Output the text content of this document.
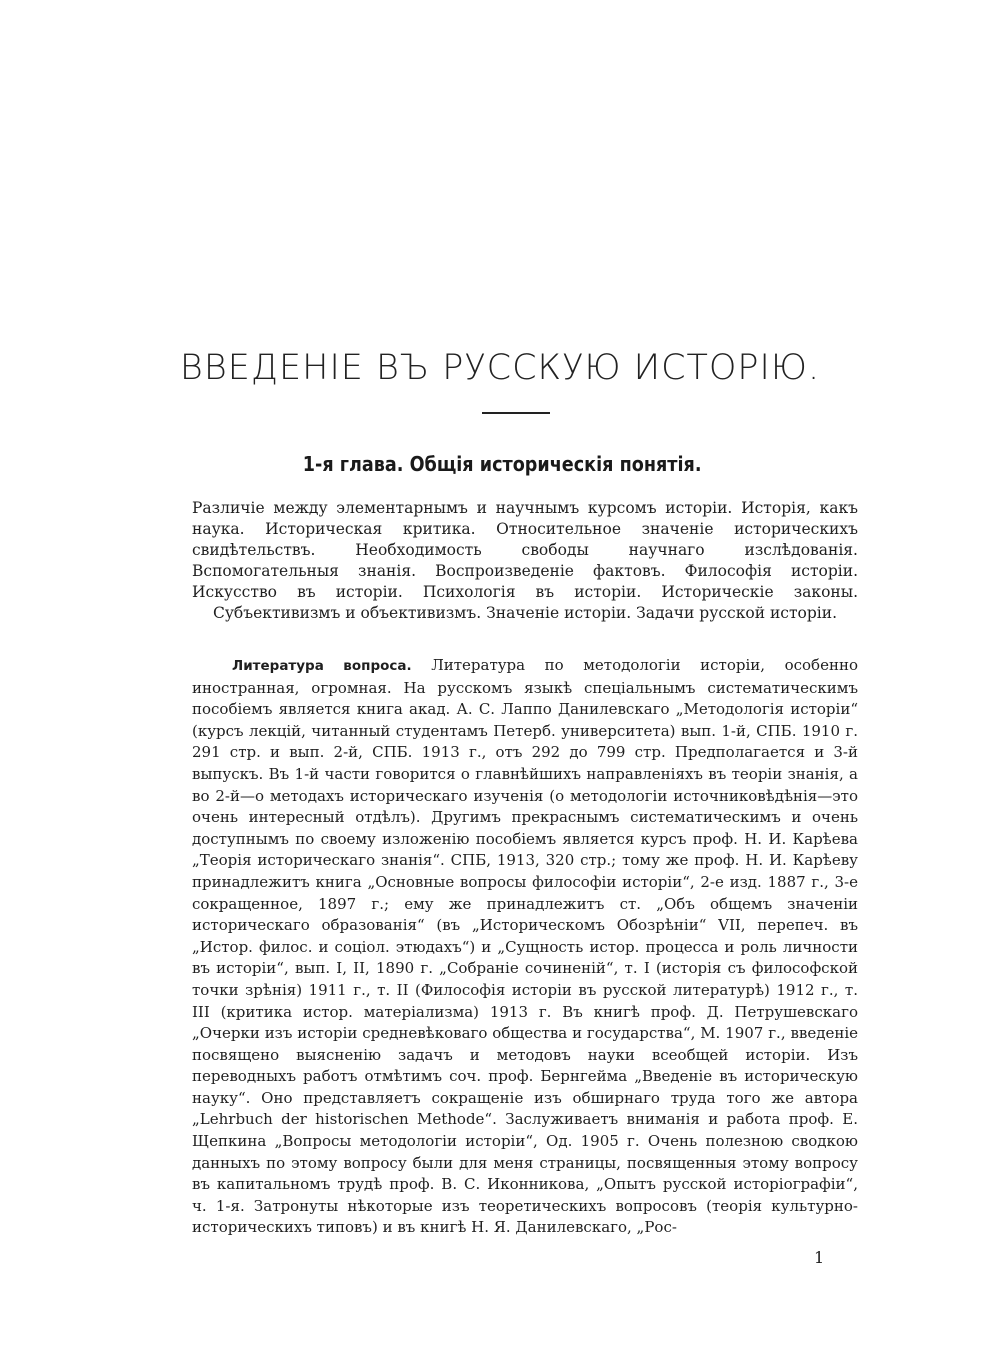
ВВЕДЕНІЕ ВЪ РУССКУЮ ИСТОРІЮ.
1-я глава. Общія историческія понятія.

Различіе между элементарнымъ и научнымъ курсомъ исторіи. Исторія, какъ наука. Историческая критика. Относительное значеніе историческихъ свидѣтельствъ. Необходимость свободы научнаго изслѣдованія. Вспомогательныя знанія. Воспроизведеніе фактовъ. Философія исторіи. Искусство въ исторіи. Психологія въ исторіи. Историческіе законы. Субъективизмъ и объективизмъ. Значеніе исторіи. Задачи русской исторіи.

Литература вопроса. Литература по методологіи исторіи, особенно иностранная, огромная. На русскомъ языкѣ спеціальнымъ систематическимъ пособіемъ является книга акад. А. С. Лаппо Данилевскаго „Методологія исторіи“ (курсъ лекцій, читанный студентамъ Петерб. университета) вып. 1-й, СПБ. 1910 г. 291 стр. и вып. 2-й, СПБ. 1913 г., отъ 292 до 799 стр. Предполагается и 3-й выпускъ. Въ 1-й части говорится о главнѣйшихъ направленіяхъ въ теоріи знанія, а во 2-й—о методахъ историческаго изученія (о методологіи источниковѣдѣнія—это очень интересный отдѣлъ). Другимъ прекраснымъ систематическимъ и очень доступнымъ по своему изложенію пособіемъ является курсъ проф. Н. И. Карѣева „Теорія историческаго знанія“. СПБ, 1913, 320 стр.; тому же проф. Н. И. Карѣеву принадлежитъ книга „Основные вопросы философіи исторіи“, 2-е изд. 1887 г., 3-е сокращенное, 1897 г.; ему же принадлежитъ ст. „Объ общемъ значеніи историческаго образованія“ (въ „Историческомъ Обозрѣніи“ VII, перепеч. въ „Истор. филос. и соціол. этюдахъ“) и „Сущность истор. процесса и роль личности въ исторіи“, вып. I, II, 1890 г. „Собраніе сочиненій“, т. I (исторія съ философской точки зрѣнія) 1911 г., т. II (Философія исторіи въ русской литературѣ) 1912 г., т. III (критика истор. матеріализма) 1913 г. Въ книгѣ проф. Д. Петрушевскаго „Очерки изъ исторіи средневѣковаго общества и государства“, М. 1907 г., введеніе посвящено выясненію задачъ и методовъ науки всеобщей исторіи. Изъ переводныхъ работъ отмѣтимъ соч. проф. Бернгейма „Введеніе въ историческую науку“. Оно представляетъ сокращеніе изъ обширнаго труда того же автора „Lehrbuch der historischen Methode“. Заслуживаетъ вниманія и работа проф. Е. Щепкина „Вопросы методологіи исторіи“, Од. 1905 г. Очень полезною сводкою данныхъ по этому вопросу были для меня страницы, посвященныя этому вопросу въ капитальномъ трудѣ проф. В. С. Иконникова, „Опытъ русской исторіографіи“, ч. 1-я. Затронуты нѣкоторые изъ теоретическихъ вопросовъ (теорія культурно-историческихъ типовъ) и въ книгѣ Н. Я. Данилевскаго, „Рос-

1
